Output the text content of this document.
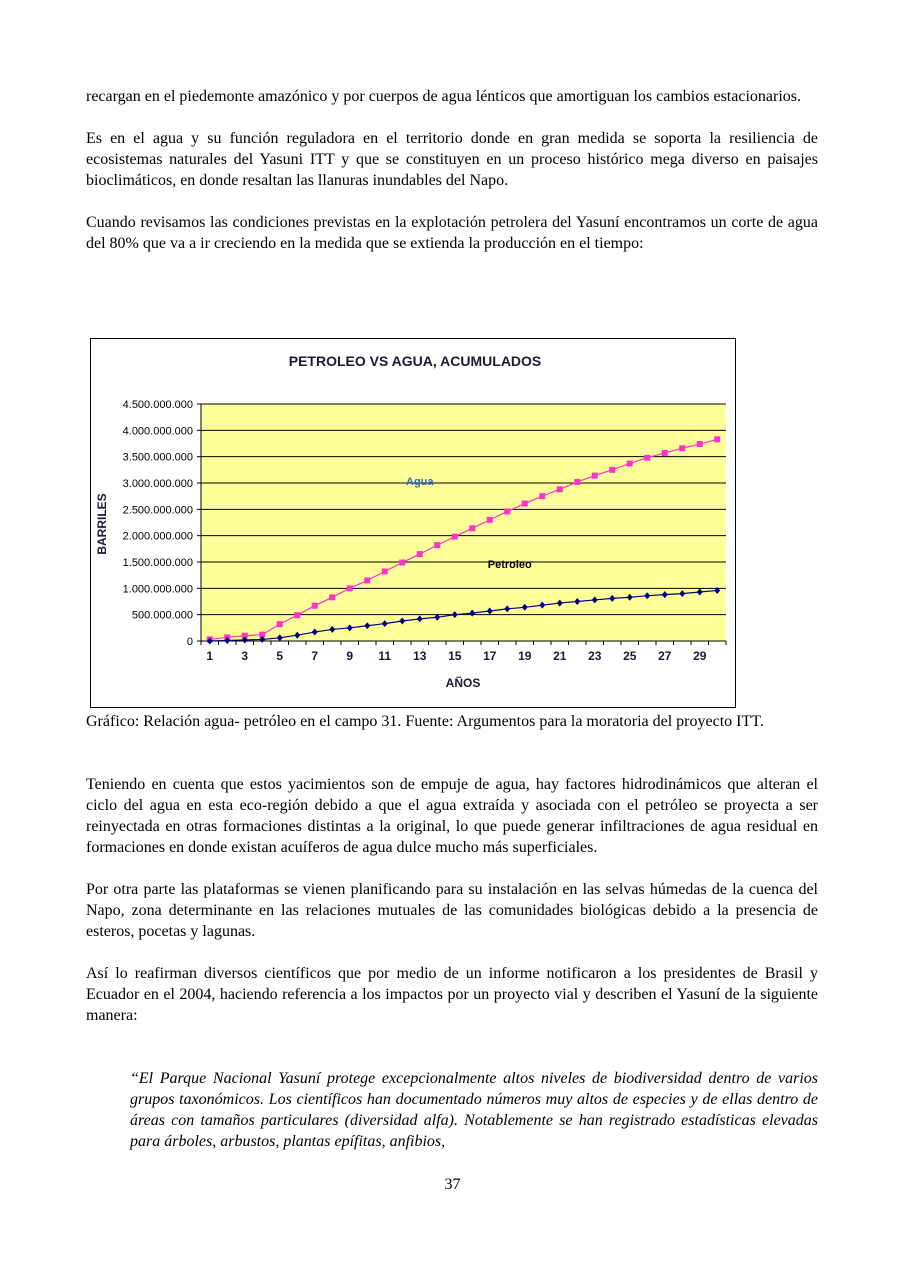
recargan en el piedemonte amazónico y por cuerpos de agua lénticos que amortiguan los cambios estacionarios.

Es en el agua y su función reguladora en el territorio donde en gran medida se soporta la resiliencia de ecosistemas naturales del Yasuni ITT y que se constituyen en un proceso histórico mega diverso en paisajes bioclimáticos, en donde resaltan las llanuras inundables del Napo.

Cuando revisamos las condiciones previstas en la explotación petrolera del Yasuní encontramos un corte de agua del 80% que va a ir creciendo en la medida que se extienda la producción en el tiempo:

PETROLEO VS AGUA, ACUMULADOS
AÑOS
BARRILES
0
500.000.000
1.000.000.000
1.500.000.000
2.000.000.000
2.500.000.000
3.000.000.000
3.500.000.000
4.000.000.000
4.500.000.000
1 3 5 7 9 11 13 15 17 19 21 23 25 27 29
Agua
Petroleo

Gráfico: Relación agua- petróleo en el campo 31. Fuente: Argumentos para la moratoria del proyecto ITT.

Teniendo en cuenta que estos yacimientos son de empuje de agua, hay factores hidrodinámicos que alteran el ciclo del agua en esta eco-región debido a que el agua extraída y asociada con el petróleo se proyecta a ser reinyectada en otras formaciones distintas a la original, lo que puede generar infiltraciones de agua residual en formaciones en donde existan acuíferos de agua dulce mucho más superficiales.

Por otra parte las plataformas se vienen planificando para su instalación en las selvas húmedas de la cuenca del Napo, zona determinante en las relaciones mutuales de las comunidades biológicas debido a la presencia de esteros, pocetas y lagunas.

Así lo reafirman diversos científicos que por medio de un informe notificaron a los presidentes de Brasil y Ecuador en el 2004, haciendo referencia a los impactos por un proyecto vial y describen el Yasuní de la siguiente manera:

“El Parque Nacional Yasuní protege excepcionalmente altos niveles de biodiversidad dentro de varios grupos taxonómicos. Los científicos han documentado números muy altos de especies y de ellas dentro de áreas con tamaños particulares (diversidad alfa). Notablemente se han registrado estadísticas elevadas para árboles, arbustos, plantas epífitas, anfibios,

37
